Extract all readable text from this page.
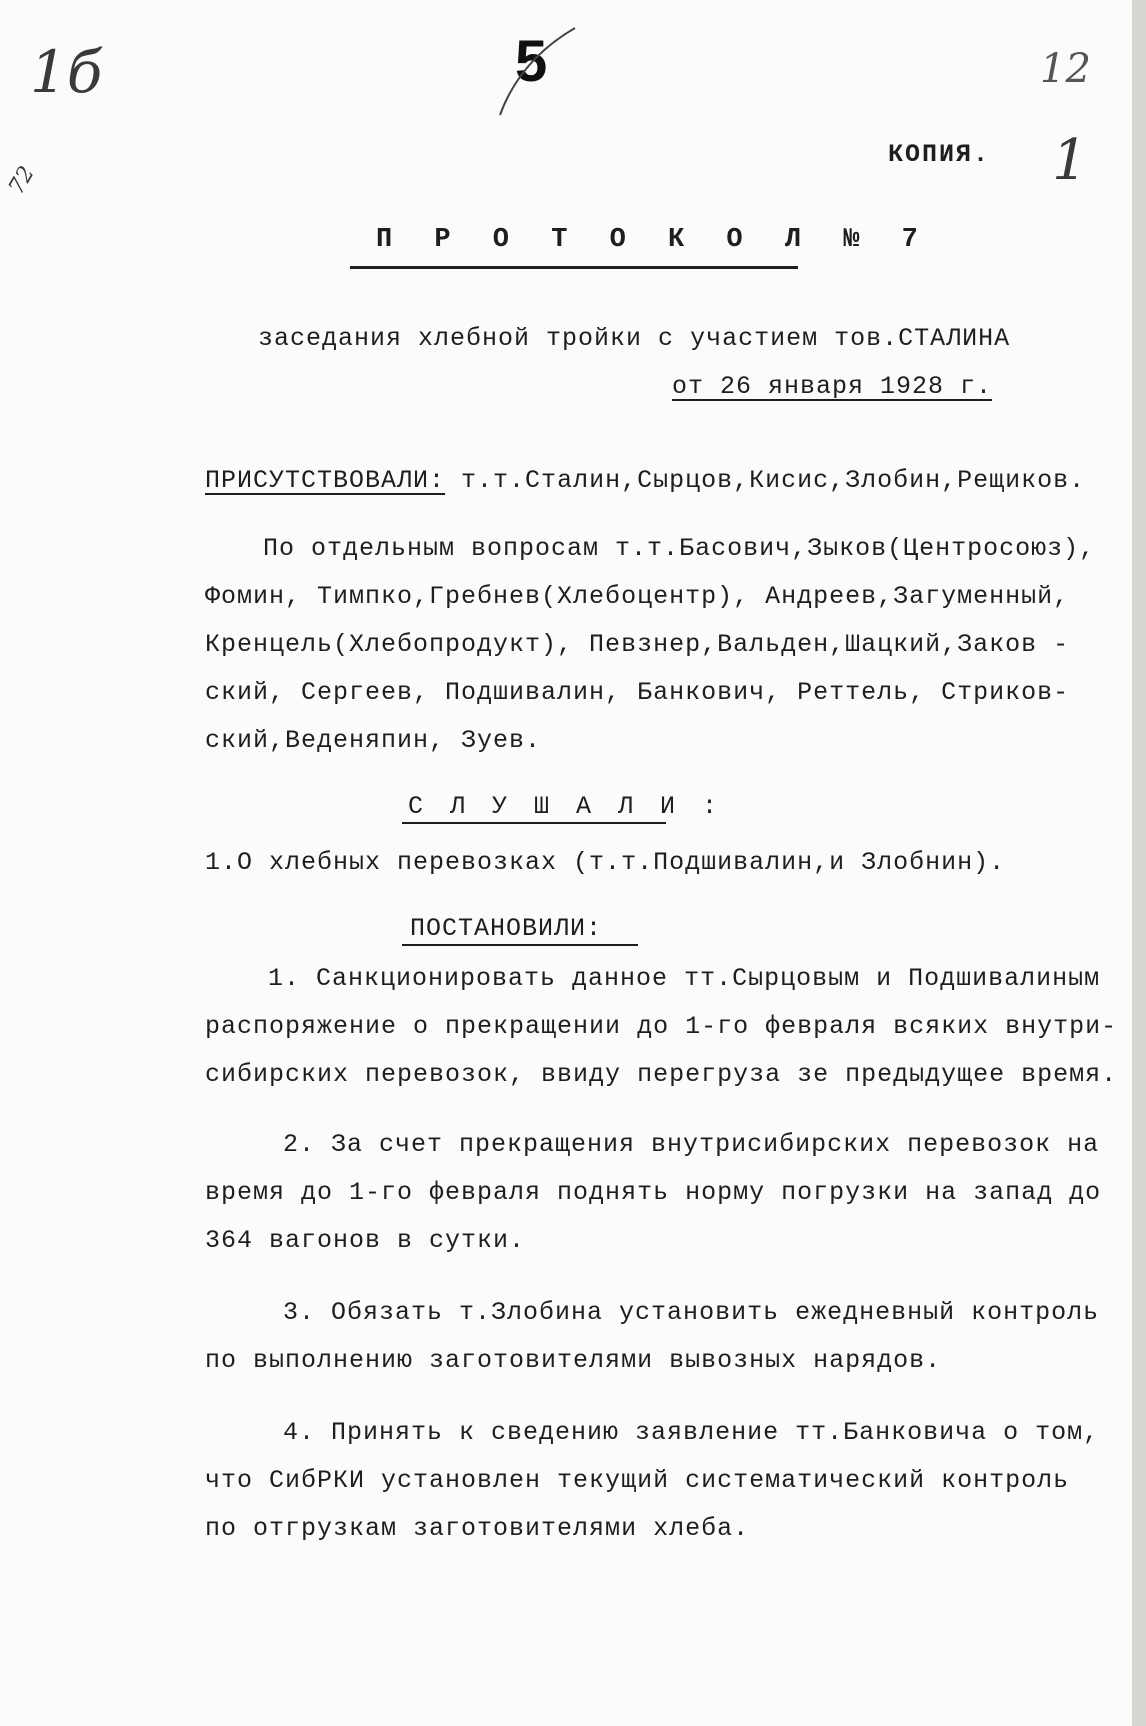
1б
72
5	12
1
КОПИЯ.
П Р О Т О К О Л № 7
заседания хлебной тройки с участием тов.СТАЛИНА
от 26 января 1928 г.
ПРИСУТСТВОВАЛИ: т.т.Сталин,Сырцов,Кисис,Злобин,Рещиков.
По отдельным вопросам т.т.Басович,Зыков(Центросоюз),
Фомин, Тимпко,Гребнев(Хлебоцентр), Андреев,Загуменный,
Кренцель(Хлебопродукт), Певзнер,Вальден,Шацкий,Заков -
ский, Сергеев, Подшивалин, Банкович, Реттель, Стриков-
ский,Веденяпин, Зуев.
С Л У Ш А Л И :
1.О хлебных перевозках (т.т.Подшивалин,и Злобнин).
ПОСТАНОВИЛИ:
1. Санкционировать данное тт.Сырцовым и Подшивалиным
распоряжение о прекращении до 1-го февраля всяких внутри-
сибирских перевозок, ввиду перегруза зе предыдущее время.
2. За счет прекращения внутрисибирских перевозок на
время до 1-го февраля поднять норму погрузки на запад до
364 вагонов в сутки.
3. Обязать т.Злобина установить ежедневный контроль
по выполнению заготовителями вывозных нарядов.
4. Принять к сведению заявление тт.Банковича о том,
что СибРКИ установлен текущий систематический контроль
по отгрузкам заготовителями хлеба.
